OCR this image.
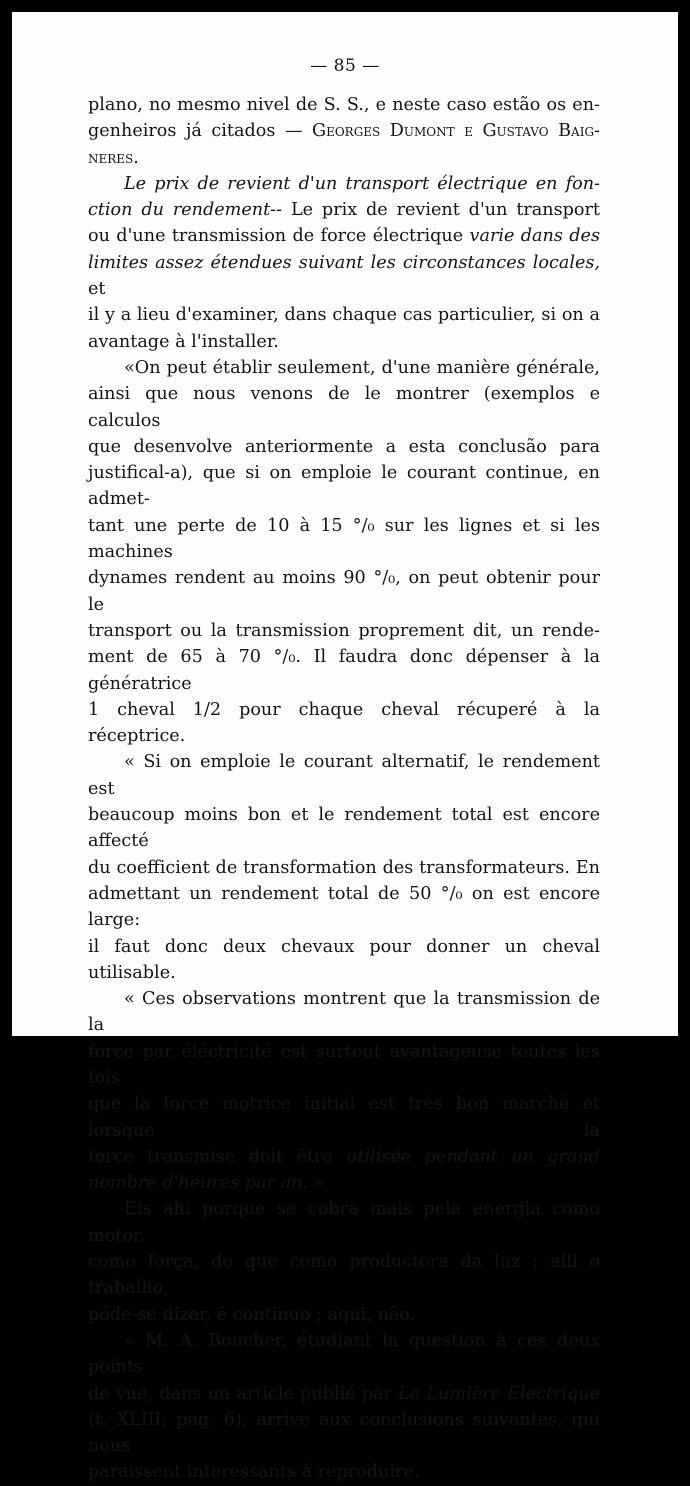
— 85 —

plano, no mesmo nivel de S. S., e neste caso estão os en-

genheiros já citados — Georges Dumont e Gustavo Baig-

neres.

Le prix de revient d'un transport électrique en fon-

ction du rendement-- Le prix de revient d'un transport

ou d'une transmission de force électrique varie dans des

limites assez étendues suivant les circonstances locales, et

il y a lieu d'examiner, dans chaque cas particulier, si on a

avantage à l'installer.

«On peut établir seulement, d'une manière générale,

ainsi que nous venons de le montrer (exemplos e calculos

que desenvolve anteriormente a esta conclusão para

justifical-a), que si on emploie le courant continue, en admet-

tant une perte de 10 à 15 °/₀ sur les lignes et si les machines

dynames rendent au moins 90 °/₀, on peut obtenir pour le

transport ou la transmission proprement dit, un rende-

ment de 65 à 70 °/₀. Il faudra donc dépenser à la génératrice

1 cheval 1/2 pour chaque cheval récuperé à la réceptrice.

« Si on emploie le courant alternatif, le rendement est

beaucoup moins bon et le rendement total est encore affecté

du coefficient de transformation des transformateurs. En

admettant un rendement total de 50 °/₀ on est encore large:

il faut donc deux chevaux pour donner un cheval utilisable.

« Ces observations montrent que la transmission de la

force par éléctricité est surtout avantageuse toutes les fois

que la force motrice initial est très bon marché et lorsque la

force transmise doit être utilisée pendant un grand

nombre d'heures par an. »

Eis ahi porque se cobra mais pela energia como motor,

como força, do que como productora da luz ; alli o trabalho,

póde-se dizer, é continuo ; aqui, não.

« M. A. Boucher, étudiant la question à ces deux points

de vue, dans un article publié par La Lumière Electrique

(t. XLIII, pag. 6), arrive aux conclusions suivantes, qui nous

paraissent interessants à reproduire.
